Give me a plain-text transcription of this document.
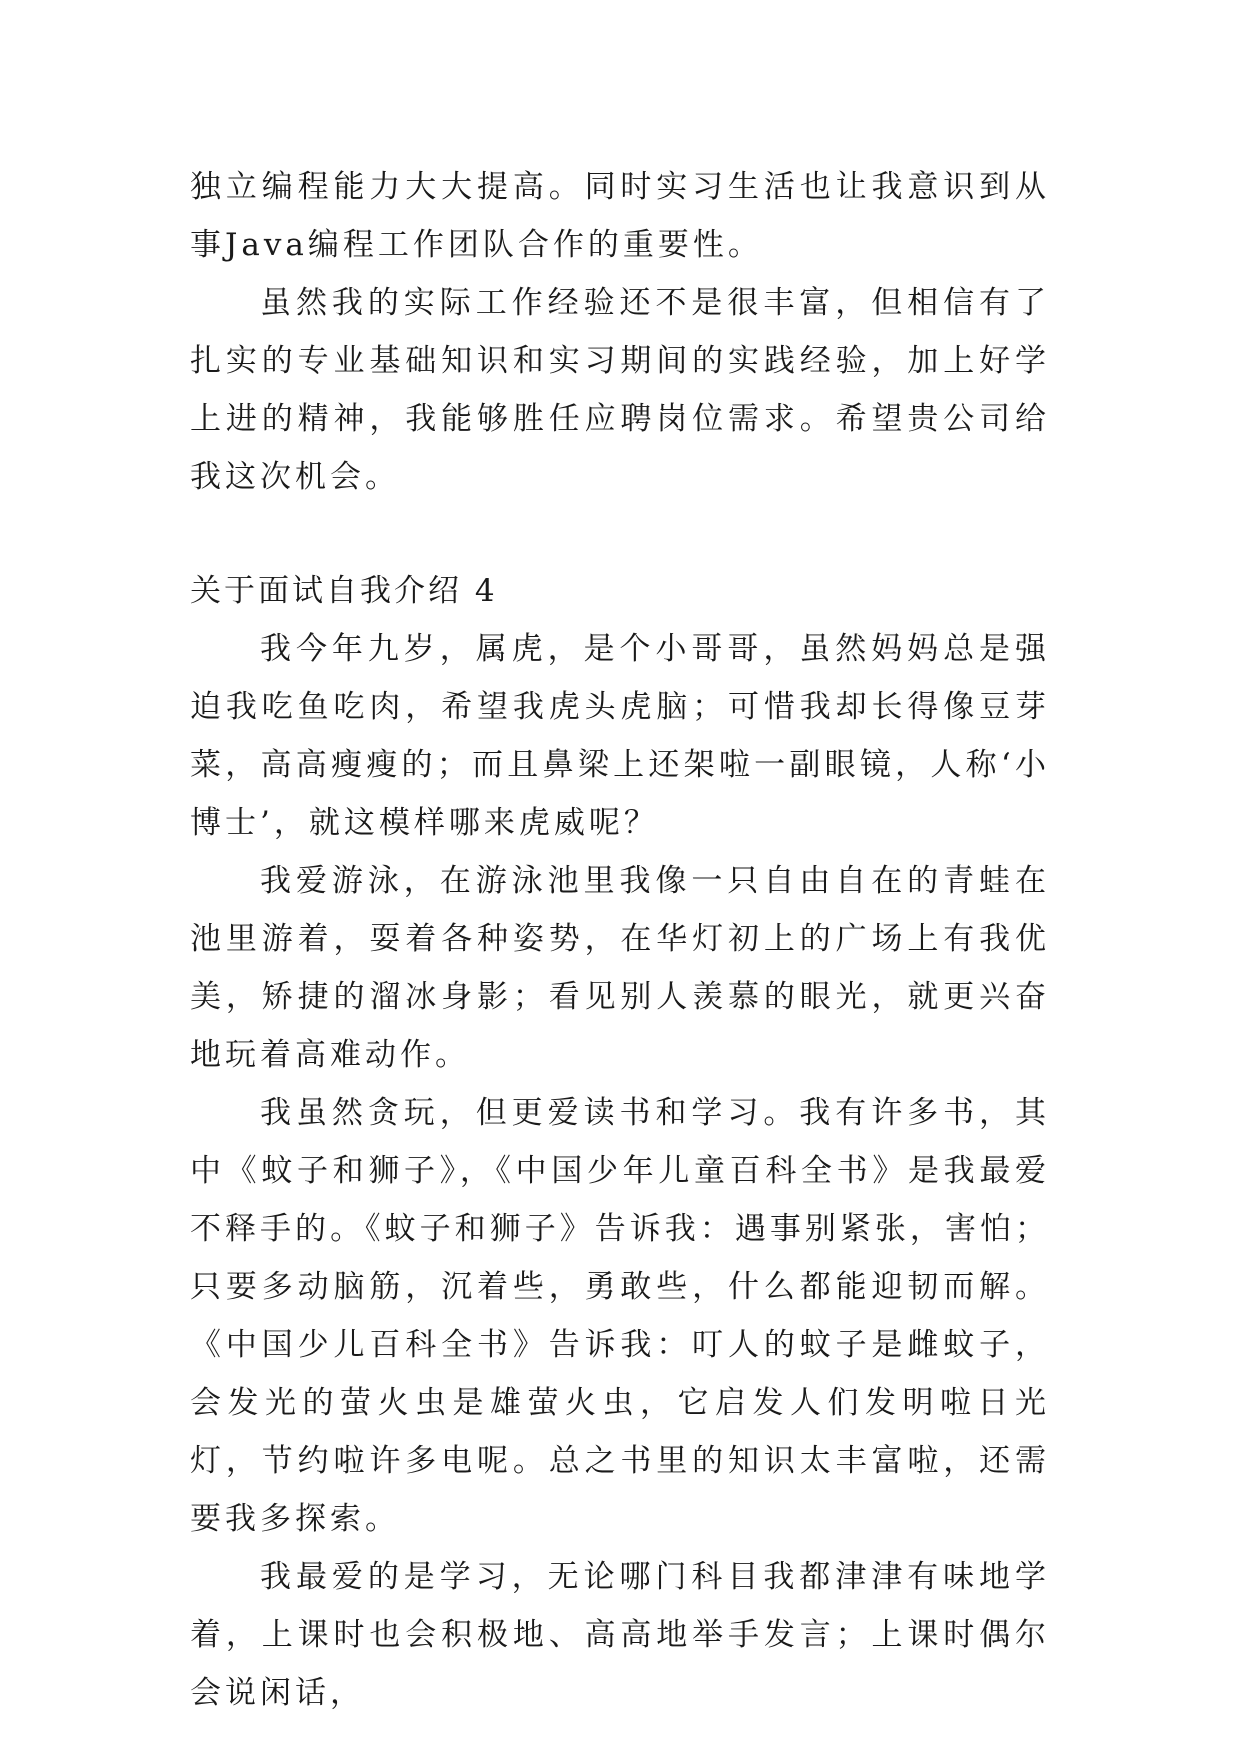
独立编程能力大大提高。同时实习生活也让我意识到从事Java编程工作团队合作的重要性。

虽然我的实际工作经验还不是很丰富，但相信有了扎实的专业基础知识和实习期间的实践经验，加上好学上进的精神，我能够胜任应聘岗位需求。希望贵公司给我这次机会。

关于面试自我介绍 4

我今年九岁，属虎，是个小哥哥，虽然妈妈总是强迫我吃鱼吃肉，希望我虎头虎脑；可惜我却长得像豆芽菜，高高瘦瘦的；而且鼻梁上还架啦一副眼镜，人称‘小博士’，就这模样哪来虎威呢？

我爱游泳，在游泳池里我像一只自由自在的青蛙在池里游着，耍着各种姿势，在华灯初上的广场上有我优美，矫捷的溜冰身影；看见别人羡慕的眼光，就更兴奋地玩着高难动作。

我虽然贪玩，但更爱读书和学习。我有许多书，其中《蚊子和狮子》，《中国少年儿童百科全书》是我最爱不释手的。《蚊子和狮子》告诉我：遇事别紧张，害怕；只要多动脑筋，沉着些，勇敢些，什么都能迎韧而解。《中国少儿百科全书》告诉我：叮人的蚊子是雌蚊子，会发光的萤火虫是雄萤火虫，它启发人们发明啦日光灯，节约啦许多电呢。总之书里的知识太丰富啦，还需要我多探索。

我最爱的是学习，无论哪门科目我都津津有味地学着，上课时也会积极地、高高地举手发言；上课时偶尔会说闲话，
